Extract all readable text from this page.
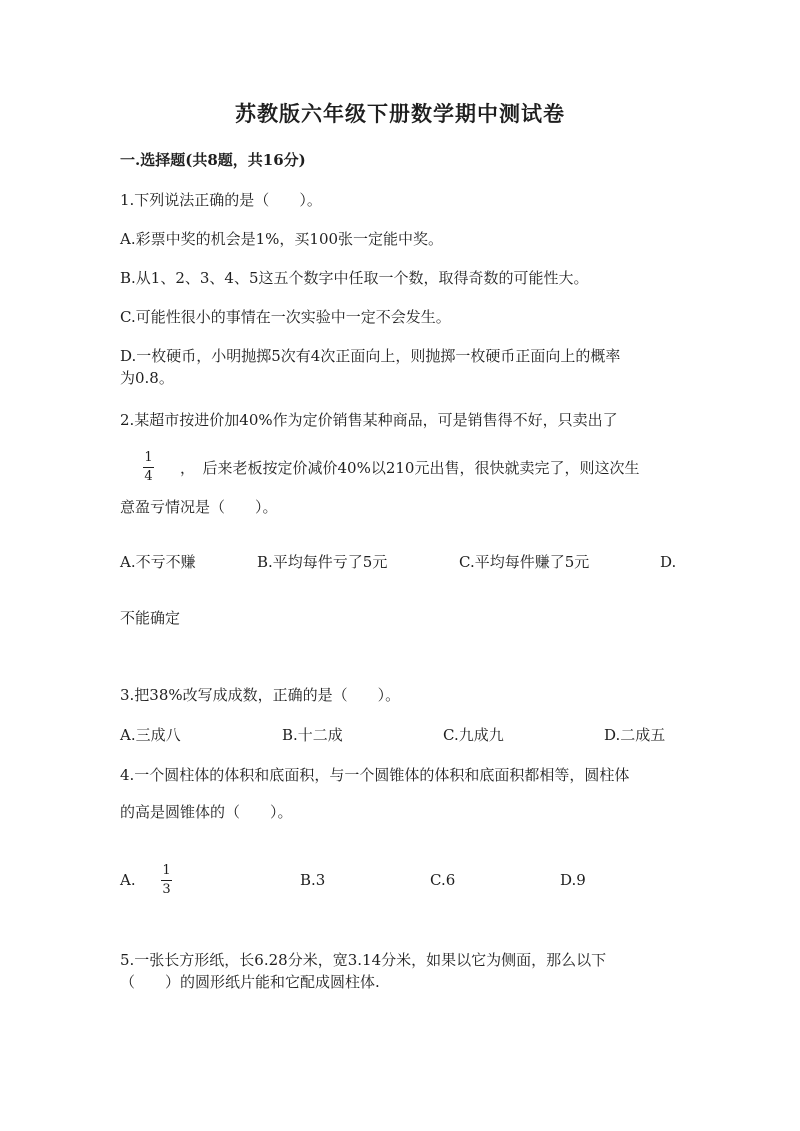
苏教版六年级下册数学期中测试卷
一.选择题(共8题，共16分)
1.下列说法正确的是（　　）。
A.彩票中奖的机会是1%，买100张一定能中奖。
B.从1、2、3、4、5这五个数字中任取一个数，取得奇数的可能性大。
C.可能性很小的事情在一次实验中一定不会发生。
D.一枚硬币，小明抛掷5次有4次正面向上，则抛掷一枚硬币正面向上的概率
为0.8。
2.某超市按进价加40%作为定价销售某种商品，可是销售得不好，只卖出了
1
4 ，　后来老板按定价减价40%以210元出售，很快就卖完了，则这次生
意盈亏情况是（　　）。
A.不亏不赚	B.平均每件亏了5元	C.平均每件赚了5元	D.
不能确定
3.把38%改写成成数，正确的是（　　）。
A.三成八	B.十二成	C.九成九	D.二成五
4.一个圆柱体的体积和底面积，与一个圆锥体的体积和底面积都相等，圆柱体
的高是圆锥体的（　　）。
A.
1
3
B.3	C.6	D.9
5.一张长方形纸，长6.28分米，宽3.14分米，如果以它为侧面，那么以下
（　　）的圆形纸片能和它配成圆柱体.
